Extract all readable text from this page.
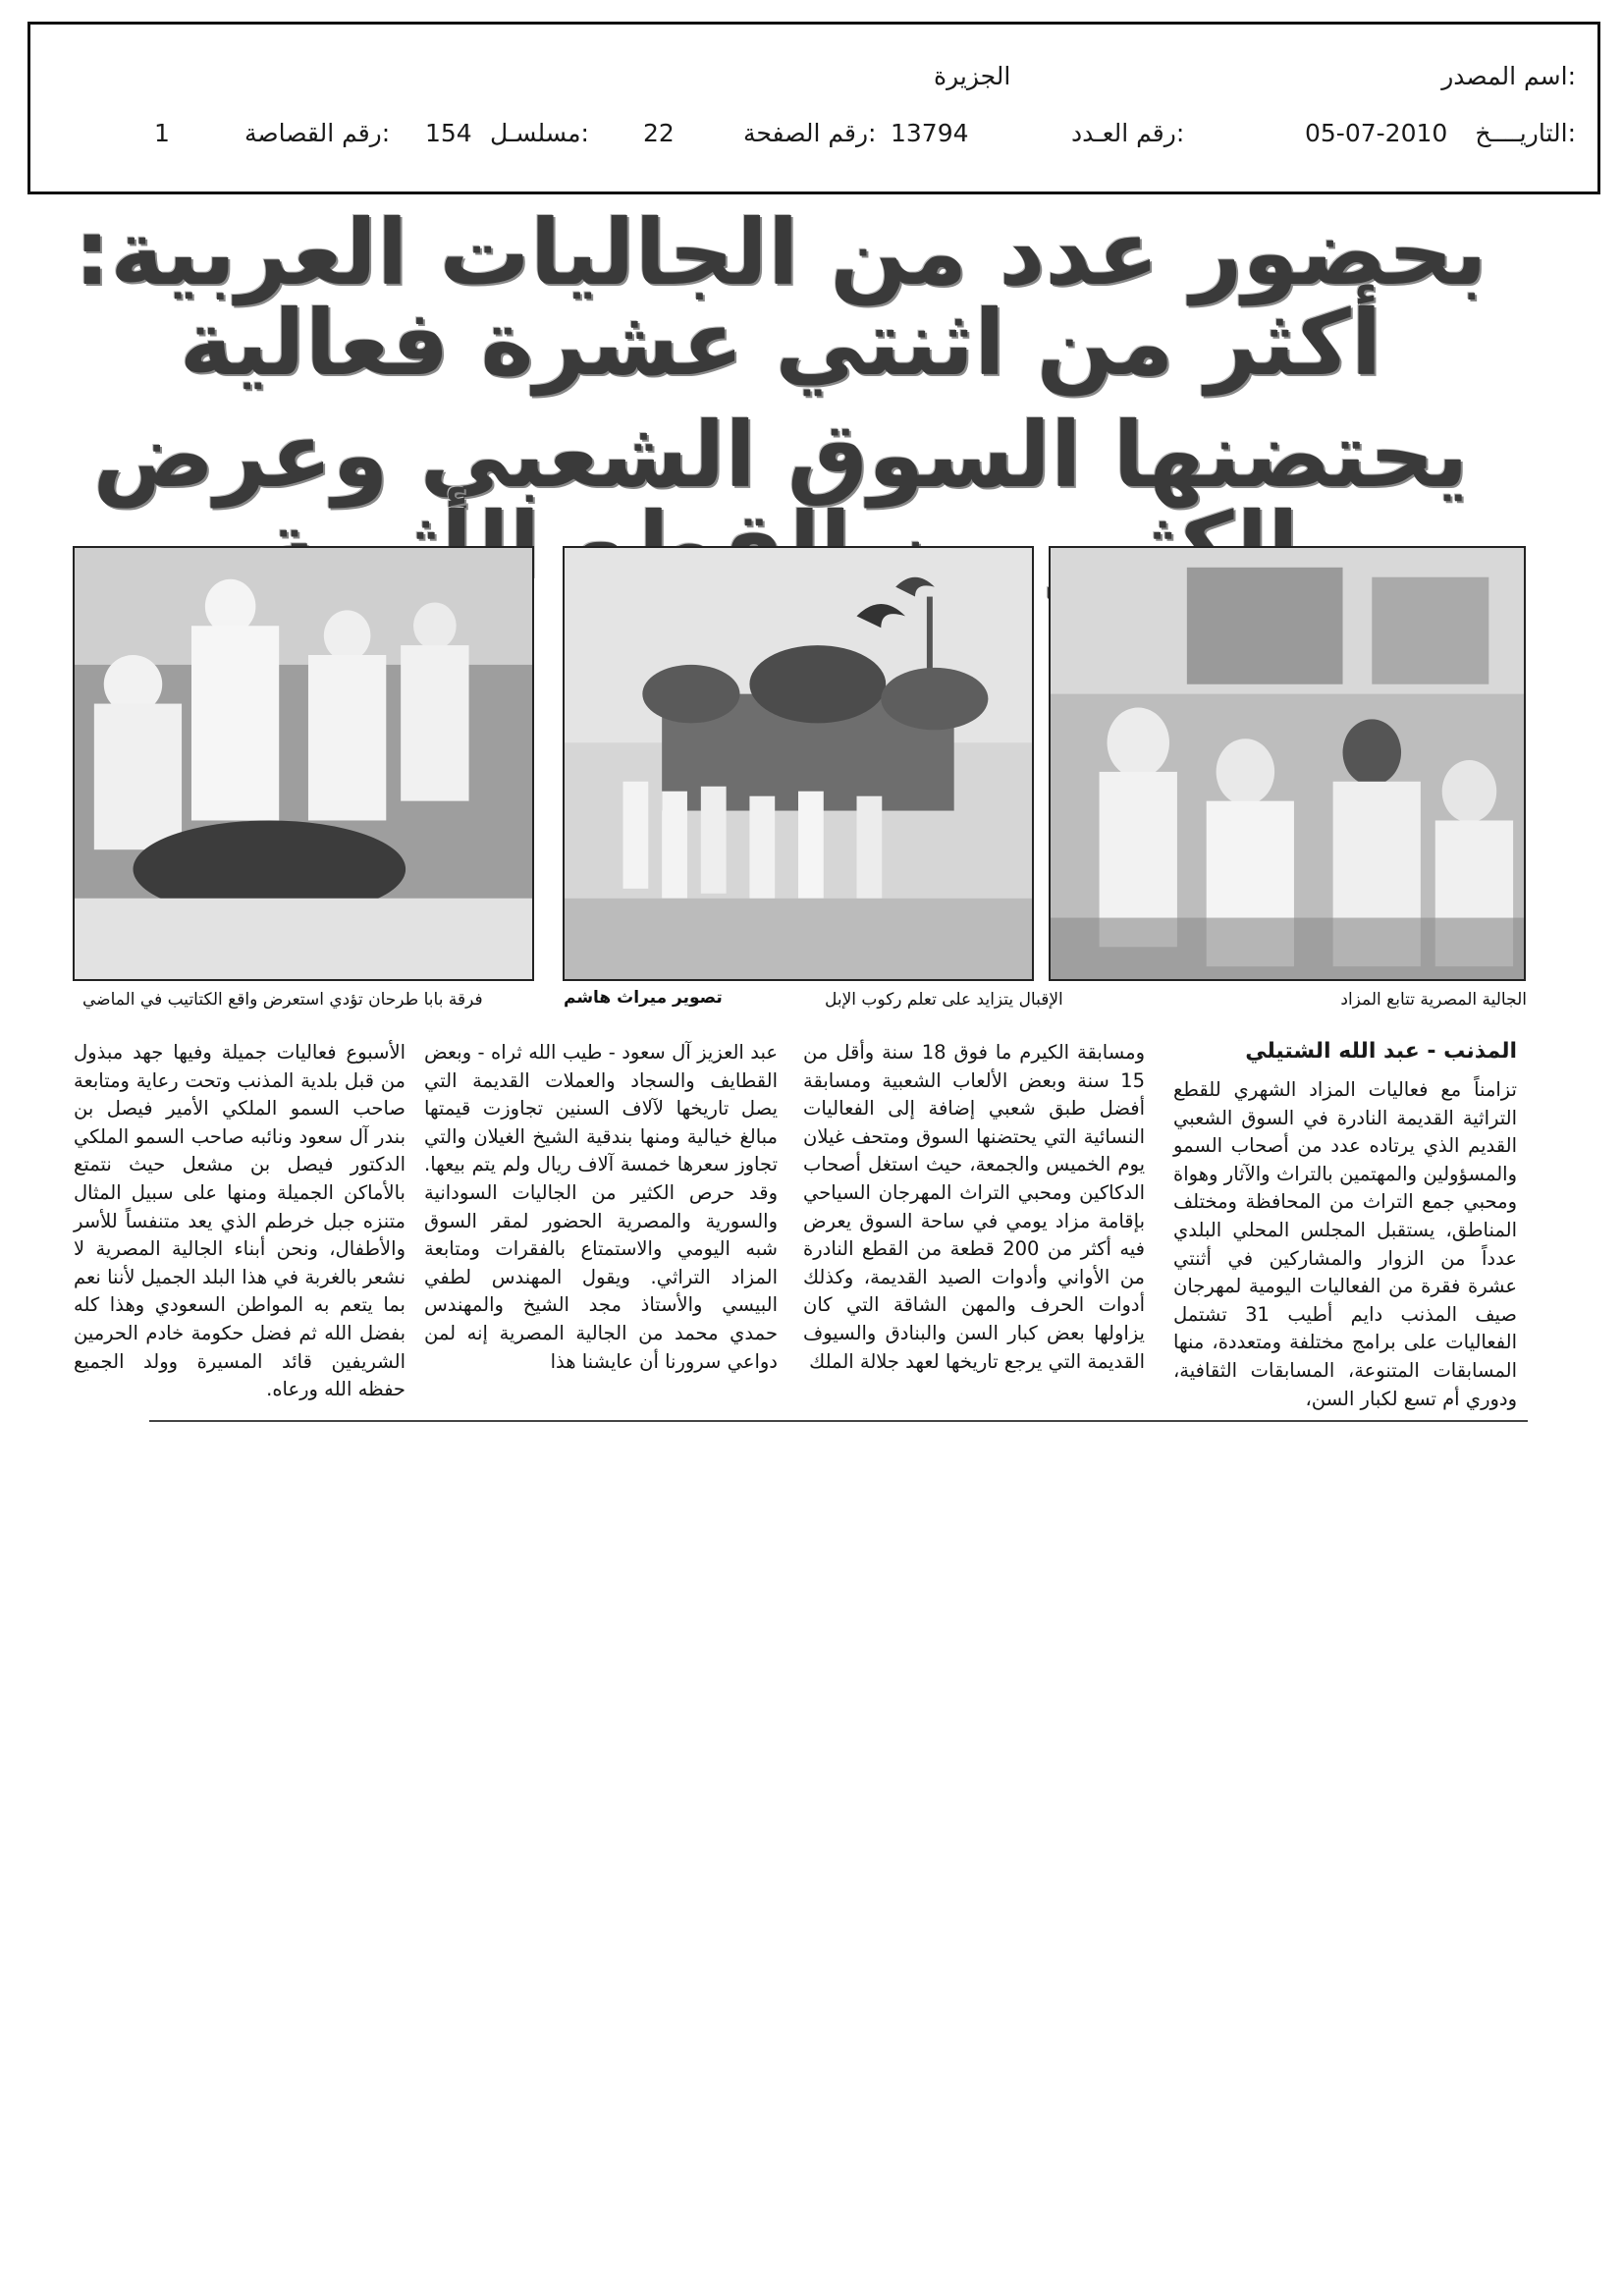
اسم المصدر:
الجزيرة
التاريــــخ:
05-07-2010
رقم العـدد:
13794
رقم الصفحة:
22
مسلسـل:
154
رقم القصاصة:
1
بحضور عدد من الجاليات العربية: أكثر من اثنتي عشرة فعالية
يحتضنها السوق الشعبي وعرض
الجالية المصرية تتابع المزاد
الإقبال يتزايد على تعلم ركوب الإبل
تصوير ميراث هاشم
فرقة بابا طرحان تؤدي استعرض واقع الكتاتيب في الماضي
المذنب - عبد الله الشتيلي

تزامناً مع فعاليات المزاد الشهري للقطع التراثية القديمة النادرة في السوق الشعبي القديم الذي يرتاده عدد من أصحاب السمو والمسؤولين والمهتمين بالتراث والآثار وهواة ومحبي جمع التراث من المحافظة ومختلف المناطق، يستقبل المجلس المحلي البلدي عدداً من الزوار والمشاركين في أثنتي عشرة فقرة من الفعاليات اليومية لمهرجان صيف المذنب دايم أطيب 31 تشتمل الفعاليات على برامج مختلفة ومتعددة، منها المسابقات المتنوعة، المسابقات الثقافية، ودوري أم تسع لكبار السن،

ومسابقة الكيرم ما فوق 18 سنة وأقل من 15 سنة وبعض الألعاب الشعبية ومسابقة أفضل طبق شعبي إضافة إلى الفعاليات النسائية التي يحتضنها السوق ومتحف غيلان يوم الخميس والجمعة، حيث استغل أصحاب الدكاكين ومحبي التراث المهرجان السياحي بإقامة مزاد يومي في ساحة السوق يعرض فيه أكثر من 200 قطعة من القطع النادرة من الأواني وأدوات الصيد القديمة، وكذلك أدوات الحرف والمهن الشاقة التي كان يزاولها بعض كبار السن والبنادق والسيوف القديمة التي يرجع تاريخها لعهد جلالة الملك

عبد العزيز آل سعود - طيب الله ثراه - وبعض القطايف والسجاد والعملات القديمة التي يصل تاريخها لآلاف السنين تجاوزت قيمتها مبالغ خيالية ومنها بندقية الشيخ الغيلان والتي تجاوز سعرها خمسة آلاف ريال ولم يتم بيعها. وقد حرص الكثير من الجاليات السودانية والسورية والمصرية الحضور لمقر السوق شبه اليومي والاستمتاع بالفقرات ومتابعة المزاد التراثي. ويقول المهندس لطفي البيسي والأستاذ مجد الشيخ والمهندس حمدي محمد من الجالية المصرية إنه لمن دواعي سرورنا أن عايشنا هذا

الأسبوع فعاليات جميلة وفيها جهد مبذول من قبل بلدية المذنب وتحت رعاية ومتابعة صاحب السمو الملكي الأمير فيصل بن بندر آل سعود ونائبه صاحب السمو الملكي الدكتور فيصل بن مشعل حيث نتمتع بالأماكن الجميلة ومنها على سبيل المثال متنزه جبل خرطم الذي يعد متنفساً للأسر والأطفال، ونحن أبناء الجالية المصرية لا نشعر بالغربة في هذا البلد الجميل لأننا نعم بما يتعم به المواطن السعودي وهذا كله بفضل الله ثم فضل حكومة خادم الحرمين الشريفين قائد المسيرة وولد الجميع حفظه الله ورعاه.
